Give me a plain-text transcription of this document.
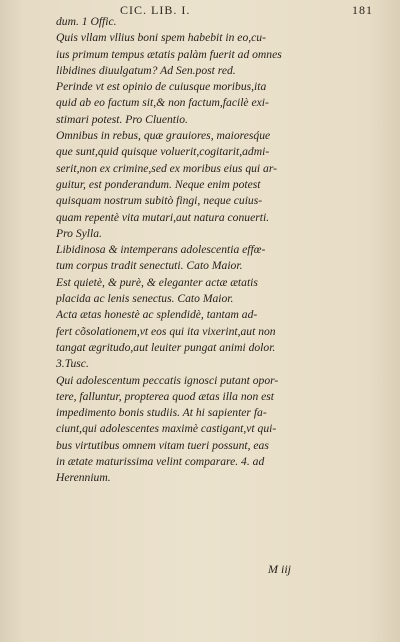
CIC. LIB. I.	181
dum. 1 Offic.
Quis vllam vllius boni spem habebit in eo,cu-
ius primum tempus ætatis palàm fuerit ad omnes
libidines diuulgatum? Ad Sen.post red.
Perinde vt est opinio de cuiusque moribus,ita
quid ab eo factum sit,& non factum,facilè exi-
stimari potest. Pro Cluentio.
Omnibus in rebus, quæ grauiores, maioresq́ue
que sunt,quid quisque voluerit,cogitarit,admi-
serit,non ex crimine,sed ex moribus eius qui ar-
guitur, est ponderandum. Neque enim potest
quisquam nostrum subitò fingi, neque cuius-
quam repentè vita mutari,aut natura conuerti.
Pro Sylla.
Libidinosa & intemperans adolescentia effœ-
tum corpus tradit senectuti. Cato Maior.
Est quietè, & purè, & eleganter actæ ætatis
placida ac lenis senectus. Cato Maior.
Acta ætas honestè ac splendidè, tantam ad-
fert cõsolationem,vt eos qui ita vixerint,aut non
tangat ægritudo,aut leuiter pungat animi dolor.
3.Tusc.
Qui adolescentum peccatis ignosci putant opor-
tere, falluntur, propterea quod ætas illa non est
impedimento bonis studiis. At hi sapienter fa-
ciunt,qui adolescentes maximè castigant,vt qui-
bus virtutibus omnem vitam tueri possunt, eas
in ætate maturissima velint comparare. 4. ad
Herennium.
M iij
